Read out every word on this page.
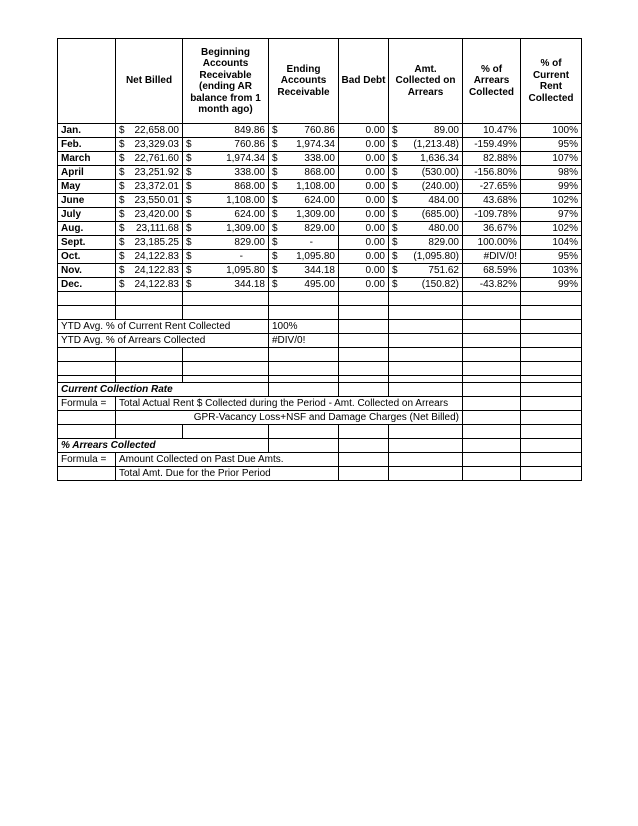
	Net Billed	Beginning Accounts Receivable (ending AR balance from 1 month ago)	Ending Accounts Receivable	Bad Debt	Amt. Collected on Arrears	% of Arrears Collected	% of Current Rent Collected
Jan.	$ 22,658.00	849.86	$ 760.86	0.00	$ 89.00	10.47%	100%

Feb.	$ 23,329.03	$ 760.86	$ 1,974.34	0.00	$ (1,213.48)	-159.49%	95%

March	$ 22,761.60	$ 1,974.34	$ 338.00	0.00	$ 1,636.34	82.88%	107%

April	$ 23,251.92	$ 338.00	$ 868.00	0.00	$ (530.00)	-156.80%	98%

May	$ 23,372.01	$ 868.00	$ 1,108.00	0.00	$ (240.00)	-27.65%	99%

June	$ 23,550.01	$ 1,108.00	$ 624.00	0.00	$ 484.00	43.68%	102%

July	$ 23,420.00	$ 624.00	$ 1,309.00	0.00	$ (685.00)	-109.78%	97%

Aug.	$ 23,111.68	$ 1,309.00	$ 829.00	0.00	$ 480.00	36.67%	102%

Sept.	$ 23,185.25	$ 829.00	$ -	0.00	$ 829.00	100.00%	104%

Oct.	$ 24,122.83	$ -	$ 1,095.80	0.00	$ (1,095.80)	#DIV/0!	95%

Nov.	$ 24,122.83	$ 1,095.80	$ 344.18	0.00	$ 751.62	68.59%	103%

Dec.	$ 24,122.83	$ 344.18	$ 495.00	0.00	$ (150.82)	-43.82%	99%

YTD Avg. % of Current Rent Collected			100%				
YTD Avg. % of Arrears Collected			#DIV/0!				

Current Collection Rate							
Formula =	Total Actual Rent $ Collected during the Period - Amt. Collected on Arrears						
	GPR-Vacancy Loss+NSF and Damage Charges (Net Billed)						

% Arrears Collected							
Formula =	Amount Collected on Past Due Amts.						
	Total Amt. Due for the Prior Period						
